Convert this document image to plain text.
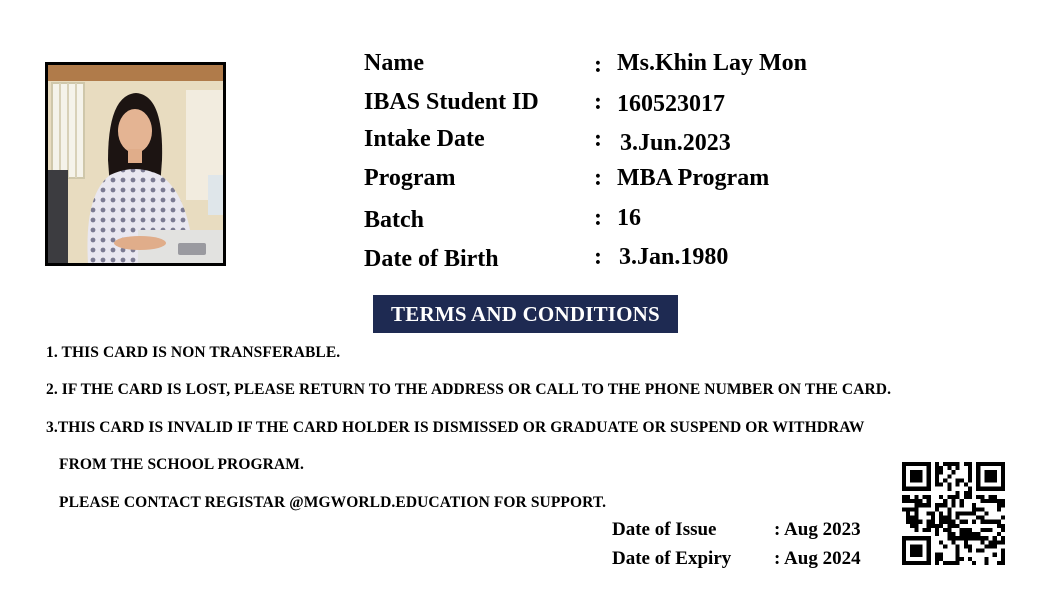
Name	: Ms.Khin Lay Mon
IBAS Student ID : 160523017
Intake Date	: 3.Jun.2023
Program	: MBA Program
Batch	: 16
Date of Birth	: 3.Jan.1980
TERMS AND CONDITIONS
1. THIS CARD IS NON TRANSFERABLE.
2. IF THE CARD IS LOST, PLEASE RETURN TO THE ADDRESS OR CALL TO THE PHONE NUMBER ON THE CARD.
3.THIS CARD IS INVALID IF THE CARD HOLDER IS DISMISSED OR GRADUATE OR SUSPEND OR WITHDRAW
FROM THE SCHOOL PROGRAM.
PLEASE CONTACT REGISTAR @MGWORLD.EDUCATION FOR SUPPORT.
Date of Issue	: Aug 2023
Date of Expiry : Aug 2024
